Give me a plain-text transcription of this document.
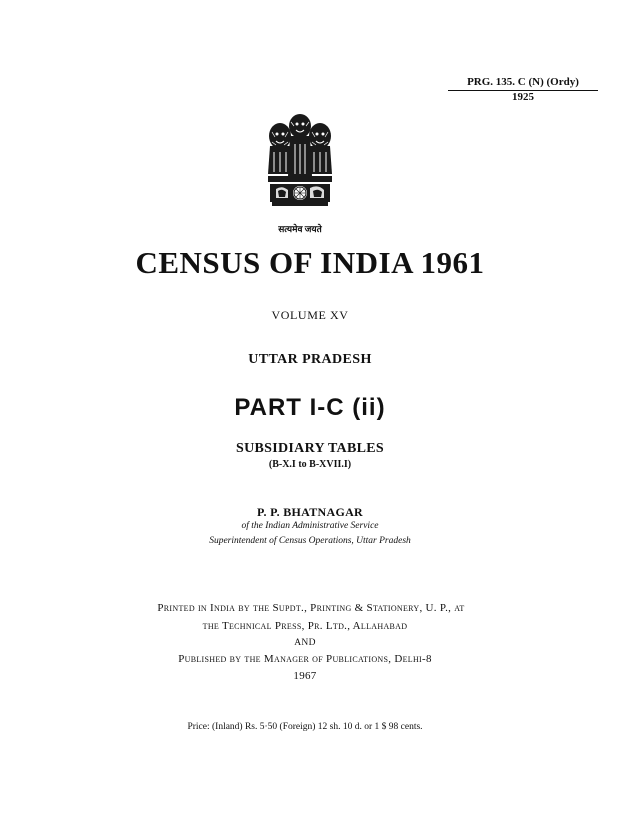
PRG. 135. C (N) (Ordy)
1925
सत्यमेव जयते
CENSUS OF INDIA 1961
VOLUME XV
UTTAR PRADESH
PART I-C (ii)
SUBSIDIARY TABLES
(B-X.I to B-XVII.I)
P. P. BHATNAGAR
of the Indian Administrative Service
Superintendent of Census Operations, Uttar Pradesh
Printed in India by the Supdt., Printing & Stationery, U. P., at
the Technical Press, Pr. Ltd., Allahabad
AND
Published by the Manager of Publications, Delhi-8
1967
Price: (Inland) Rs. 5·50 (Foreign) 12 sh. 10 d. or 1 $ 98 cents.
